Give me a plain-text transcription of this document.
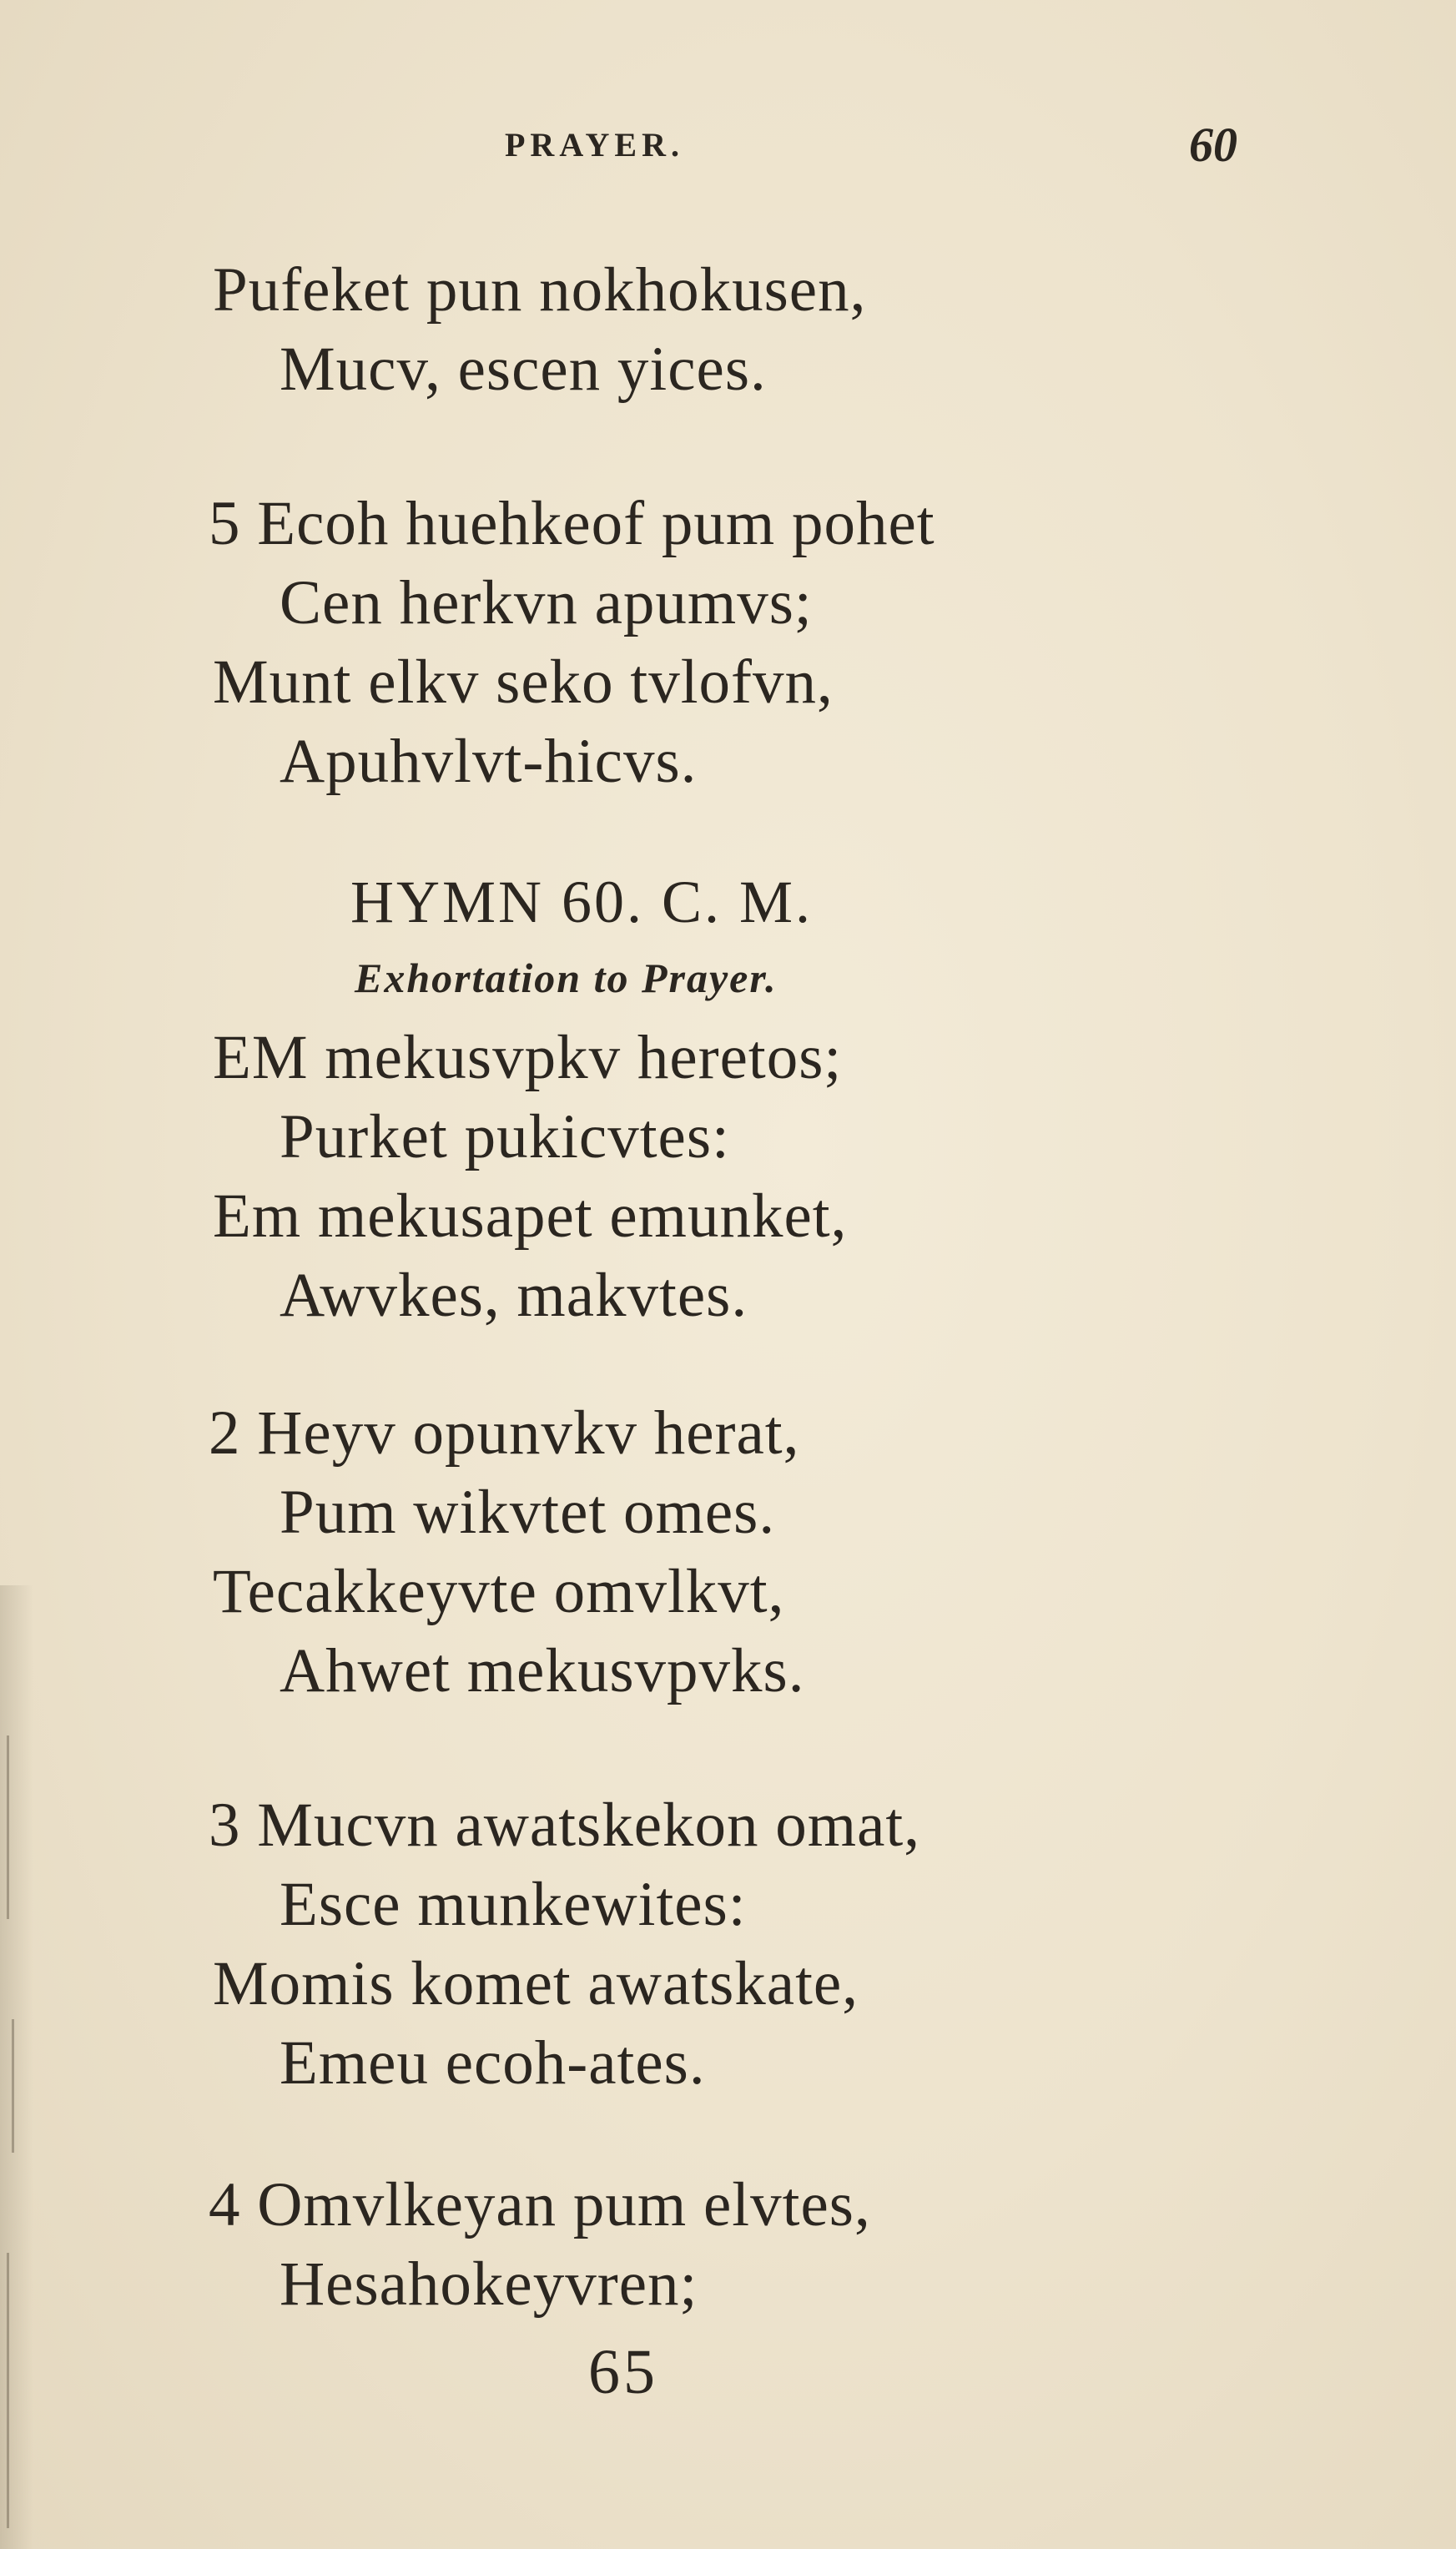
PRAYER.	60
Pufeket pun nokhokusen,
Mucv, escen yices.
5 Ecoh huehkeof pum pohet
Cen herkvn apumvs;
Munt elkv seko tvlofvn,
Apuhvlvt-hicvs.
HYMN 60. C. M.
Exhortation to Prayer.
EM mekusvpkv heretos;
Purket pukicvtes:
Em mekusapet emunket,
Awvkes, makvtes.
2 Heyv opunvkv herat,
Pum wikvtet omes.
Tecakkeyvte omvlkvt,
Ahwet mekusvpvks.
3 Mucvn awatskekon omat,
Esce munkewites:
Momis komet awatskate,
Emeu ecoh-ates.
4 Omvlkeyan pum elvtes,
Hesahokeyvren;
65
